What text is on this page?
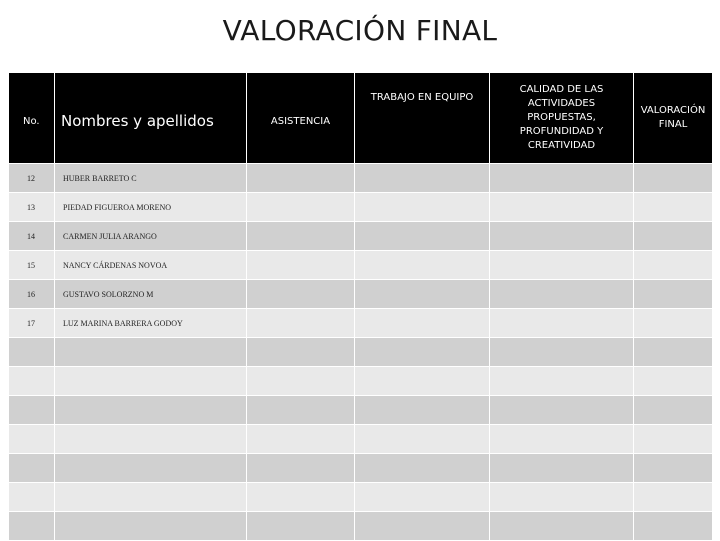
VALORACIÓN FINAL
No.	Nombres y apellidos	ASISTENCIA	TRABAJO EN EQUIPO	CALIDAD DE LAS ACTIVIDADES PROPUESTAS, PROFUNDIDAD Y CREATIVIDAD	VALORACIÓN FINAL
12	HUBER BARRETO C				
13	PIEDAD FIGUEROA MORENO				
14	CARMEN JULIA ARANGO				
15	NANCY CÁRDENAS NOVOA				
16	GUSTAVO SOLORZNO M				
17	LUZ MARINA BARRERA GODOY				
